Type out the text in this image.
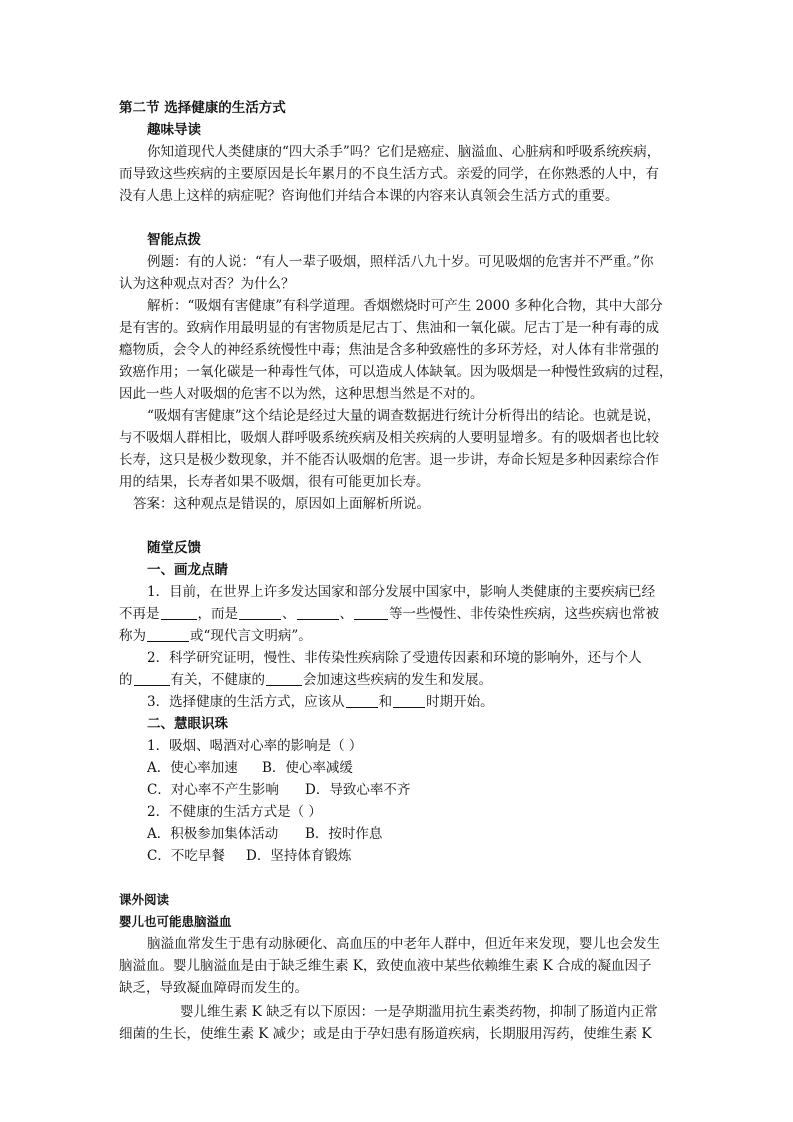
第二节 选择健康的生活方式
趣味导读
你知道现代人类健康的“四大杀手”吗？它们是癌症、脑溢血、心脏病和呼吸系统疾病，
而导致这些疾病的主要原因是长年累月的不良生活方式。亲爱的同学，在你熟悉的人中，有
没有人患上这样的病症呢？咨询他们并结合本课的内容来认真领会生活方式的重要。
智能点拨
例题：有的人说：“有人一辈子吸烟，照样活八九十岁。可见吸烟的危害并不严重。”你
认为这种观点对否？为什么？
解析：“吸烟有害健康”有科学道理。香烟燃烧时可产生 2000 多种化合物，其中大部分
是有害的。致病作用最明显的有害物质是尼古丁、焦油和一氧化碳。尼古丁是一种有毒的成
瘾物质，会令人的神经系统慢性中毒；焦油是含多种致癌性的多环芳烃，对人体有非常强的
致癌作用；一氧化碳是一种毒性气体，可以造成人体缺氧。因为吸烟是一种慢性致病的过程，
因此一些人对吸烟的危害不以为然，这种思想当然是不对的。
“吸烟有害健康”这个结论是经过大量的调查数据进行统计分析得出的结论。也就是说，
与不吸烟人群相比，吸烟人群呼吸系统疾病及相关疾病的人要明显增多。有的吸烟者也比较
长寿，这只是极少数现象，并不能否认吸烟的危害。退一步讲，寿命长短是多种因素综合作
用的结果，长寿者如果不吸烟，很有可能更加长寿。
答案：这种观点是错误的，原因如上面解析所说。
随堂反馈
一、画龙点睛
1．目前，在世界上许多发达国家和部分发展中国家中，影响人类健康的主要疾病已经
不再是	，而是	、	、	等一些慢性、非传染性疾病，这些疾病也常被
称为	或“现代言文明病”。
2．科学研究证明，慢性、非传染性疾病除了受遗传因素和环境的影响外，还与个人
的	有关，不健康的	会加速这些疾病的发生和发展。
3．选择健康的生活方式，应该从	和	时期开始。
二、慧眼识珠
1．吸烟、喝酒对心率的影响是（ ）
A．使心率加速 B．使心率减缓
C．对心率不产生影响 D．导致心率不齐
2．不健康的生活方式是（ ）
A．积极参加集体活动 B．按时作息
C．不吃早餐 D．坚持体育锻炼
课外阅读
婴儿也可能患脑溢血
脑溢血常发生于患有动脉硬化、高血压的中老年人群中，但近年来发现，婴儿也会发生
脑溢血。婴儿脑溢血是由于缺乏维生素 K，致使血液中某些依赖维生素 K 合成的凝血因子
缺乏，导致凝血障碍而发生的。
婴儿维生素 K 缺乏有以下原因：一是孕期滥用抗生素类药物，抑制了肠道内正常
细菌的生长，使维生素 K 减少；或是由于孕妇患有肠道疾病，长期服用泻药，使维生素 K
